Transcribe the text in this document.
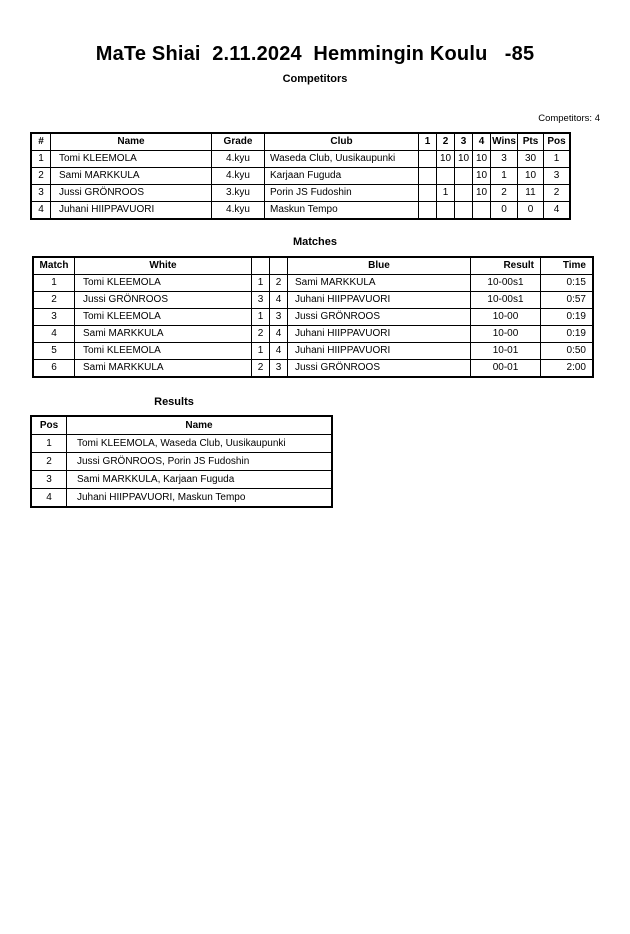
MaTe Shiai  2.11.2024  Hemmingin Koulu   -85
Competitors
Competitors: 4
#	Name	Grade	Club	1	2	3	4	Wins	Pts	Pos
1	Tomi KLEEMOLA	4.kyu	Waseda Club, Uusikaupunki		10	10	10	3	30	1
2	Sami MARKKULA	4.kyu	Karjaan Fuguda				10	1	10	3
3	Jussi GRÖNROOS	3.kyu	Porin JS Fudoshin		1		10	2	11	2
4	Juhani HIIPPAVUORI	4.kyu	Maskun Tempo					0	0	4
Matches
Match	White			Blue	Result	Time
1	Tomi KLEEMOLA	1	2	Sami MARKKULA	10-00s1	0:15
2	Jussi GRÖNROOS	3	4	Juhani HIIPPAVUORI	10-00s1	0:57
3	Tomi KLEEMOLA	1	3	Jussi GRÖNROOS	10-00	0:19
4	Sami MARKKULA	2	4	Juhani HIIPPAVUORI	10-00	0:19
5	Tomi KLEEMOLA	1	4	Juhani HIIPPAVUORI	10-01	0:50
6	Sami MARKKULA	2	3	Jussi GRÖNROOS	00-01	2:00
Results
Pos	Name
1	Tomi KLEEMOLA, Waseda Club, Uusikaupunki
2	Jussi GRÖNROOS, Porin JS Fudoshin
3	Sami MARKKULA, Karjaan Fuguda
4	Juhani HIIPPAVUORI, Maskun Tempo
